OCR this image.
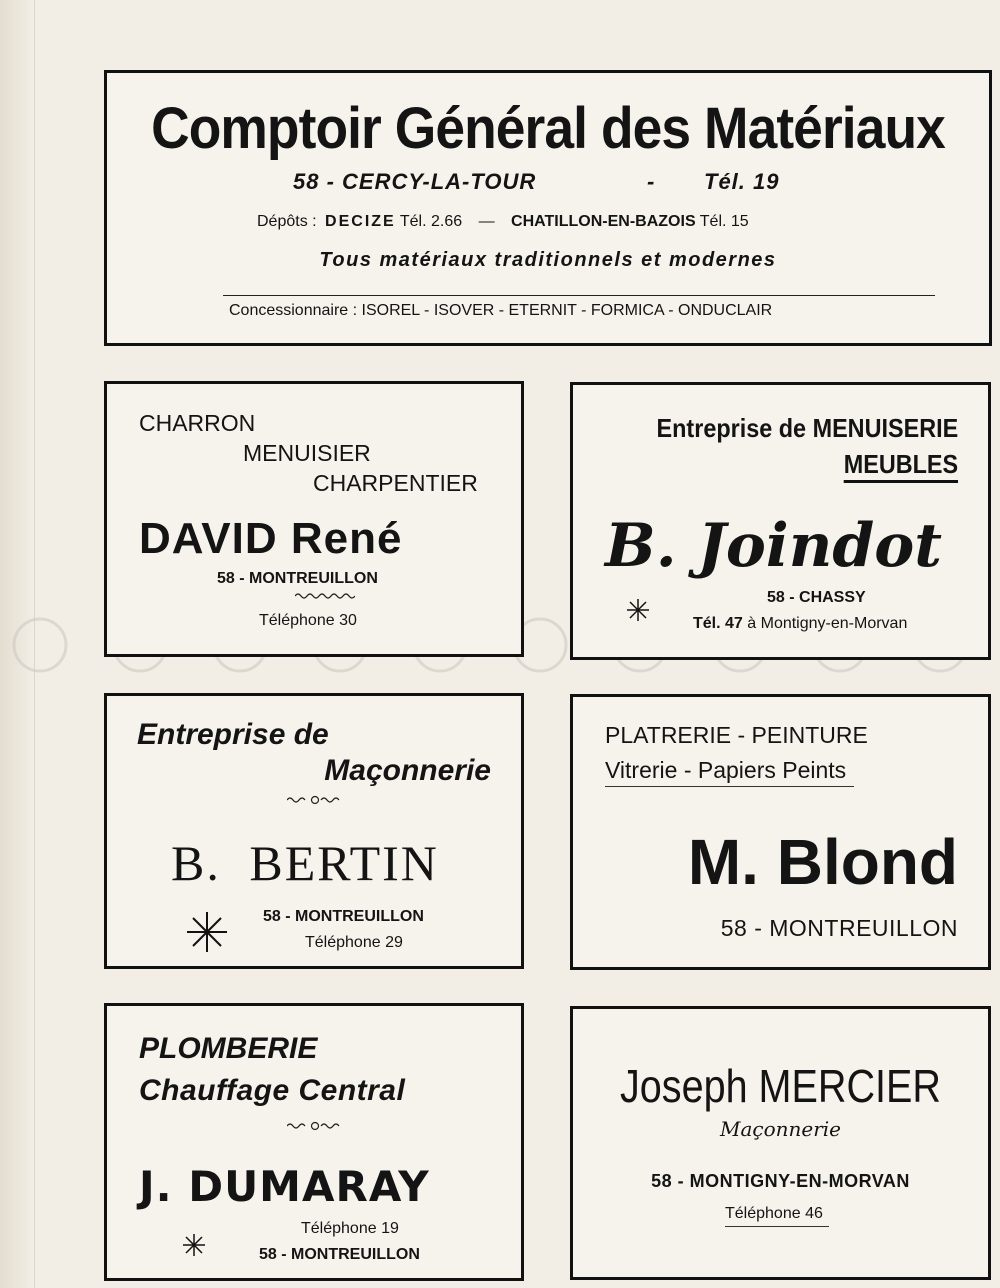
Comptoir Général des Matériaux
58 - CERCY-LA-TOUR	- Tél. 19
Dépôts : DECIZE Tél. 2.66 — CHATILLON-EN-BAZOIS Tél. 15
Tous matériaux traditionnels et modernes
Concessionnaire : ISOREL - ISOVER - ETERNIT - FORMICA - ONDUCLAIR
CHARRON
MENUISIER
CHARPENTIER
DAVID René
58 - MONTREUILLON
Téléphone 30
Entreprise de MENUISERIE
MEUBLES
B. Joindot
58 - CHASSY
Tél. 47 à Montigny-en-Morvan
Entreprise de
Maçonnerie
B. BERTIN
58 - MONTREUILLON
Téléphone 29
PLATRERIE - PEINTURE
Vitrerie - Papiers Peints
M. Blond
58 - MONTREUILLON
PLOMBERIE
Chauffage Central
J. DUMARAY
Téléphone 19
58 - MONTREUILLON
Joseph MERCIER
Maçonnerie
58 - MONTIGNY-EN-MORVAN
Téléphone 46
